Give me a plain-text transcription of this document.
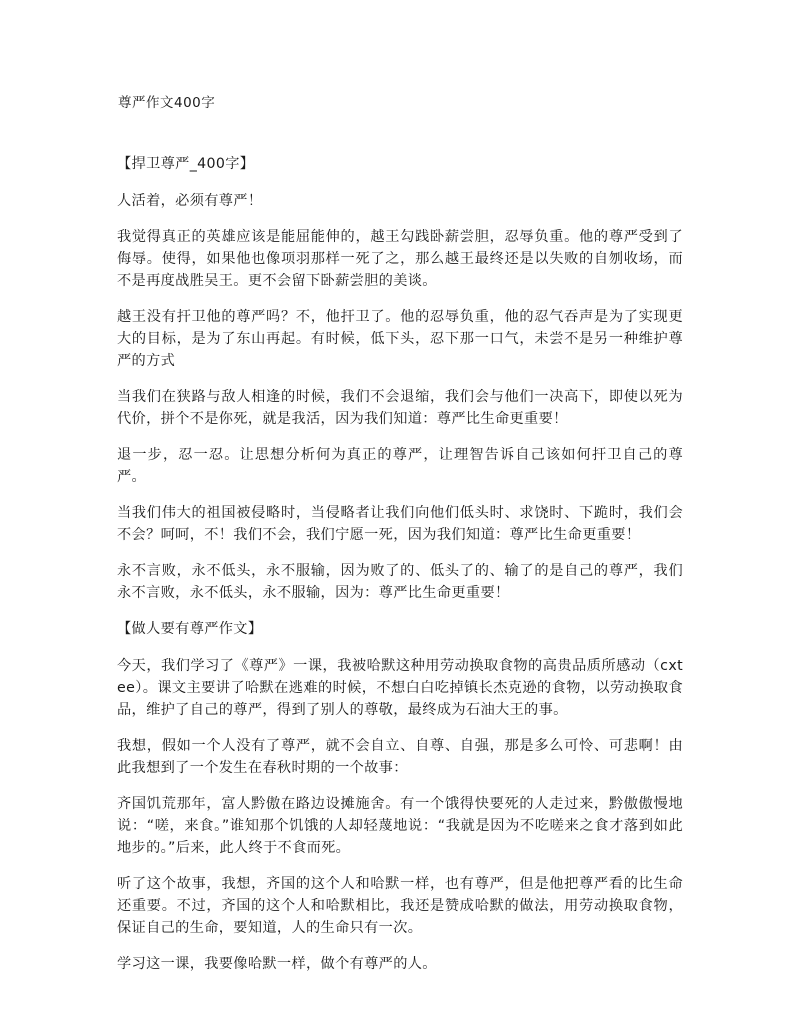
尊严作文400字

【捍卫尊严_400字】

人活着，必须有尊严！

我觉得真正的英雄应该是能屈能伸的，越王勾践卧薪尝胆，忍辱负重。他的尊严受到了侮辱。使得，如果他也像项羽那样一死了之，那么越王最终还是以失败的自刎收场，而不是再度战胜吴王。更不会留下卧薪尝胆的美谈。

越王没有扞卫他的尊严吗？不，他扞卫了。他的忍辱负重，他的忍气吞声是为了实现更大的目标，是为了东山再起。有时候，低下头，忍下那一口气，未尝不是另一种维护尊严的方式

当我们在狭路与敌人相逢的时候，我们不会退缩，我们会与他们一决高下，即使以死为代价，拼个不是你死，就是我活，因为我们知道：尊严比生命更重要！

退一步，忍一忍。让思想分析何为真正的尊严，让理智告诉自己该如何扞卫自己的尊严。

当我们伟大的祖国被侵略时，当侵略者让我们向他们低头时、求饶时、下跪时，我们会不会？呵呵，不！我们不会，我们宁愿一死，因为我们知道：尊严比生命更重要！

永不言败，永不低头，永不服输，因为败了的、低头了的、输了的是自己的尊严，我们永不言败，永不低头，永不服输，因为：尊严比生命更重要！

【做人要有尊严作文】

今天，我们学习了《尊严》一课，我被哈默这种用劳动换取食物的高贵品质所感动（cxtee）。课文主要讲了哈默在逃难的时候，不想白白吃掉镇长杰克逊的食物，以劳动换取食品，维护了自己的尊严，得到了别人的尊敬，最终成为石油大王的事。

我想，假如一个人没有了尊严，就不会自立、自尊、自强，那是多么可怜、可悲啊！由此我想到了一个发生在春秋时期的一个故事：

齐国饥荒那年，富人黔傲在路边设摊施舍。有一个饿得快要死的人走过来，黔傲傲慢地说：“嗟，来食。”谁知那个饥饿的人却轻蔑地说：“我就是因为不吃嗟来之食才落到如此地步的。”后来，此人终于不食而死。

听了这个故事，我想，齐国的这个人和哈默一样，也有尊严，但是他把尊严看的比生命还重要。不过，齐国的这个人和哈默相比，我还是赞成哈默的做法，用劳动换取食物，保证自己的生命，要知道，人的生命只有一次。

学习这一课，我要像哈默一样，做个有尊严的人。
